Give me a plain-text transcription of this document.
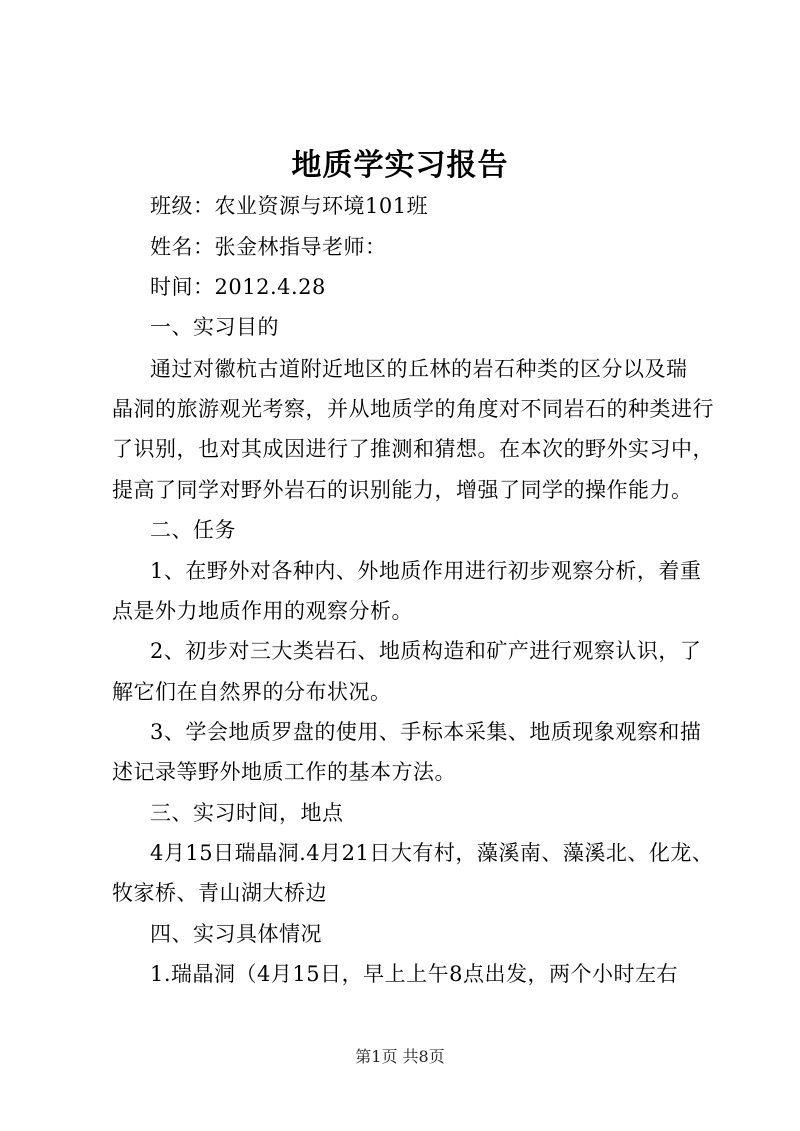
地质学实习报告
班级：农业资源与环境101班
姓名：张金林指导老师：
时间：2012.4.28
一、实习目的
通过对徽杭古道附近地区的丘林的岩石种类的区分以及瑞
晶洞的旅游观光考察，并从地质学的角度对不同岩石的种类进行
了识别，也对其成因进行了推测和猜想。在本次的野外实习中，
提高了同学对野外岩石的识别能力，增强了同学的操作能力。
二、任务
1、在野外对各种内、外地质作用进行初步观察分析，着重
点是外力地质作用的观察分析。
2、初步对三大类岩石、地质构造和矿产进行观察认识，了
解它们在自然界的分布状况。
3、学会地质罗盘的使用、手标本采集、地质现象观察和描
述记录等野外地质工作的基本方法。
三、实习时间，地点
4月15日瑞晶洞.4月21日大有村，藻溪南、藻溪北、化龙、
牧家桥、青山湖大桥边
四、实习具体情况
1.瑞晶洞（4月15日，早上上午8点出发，两个小时左右
第1页 共8页
